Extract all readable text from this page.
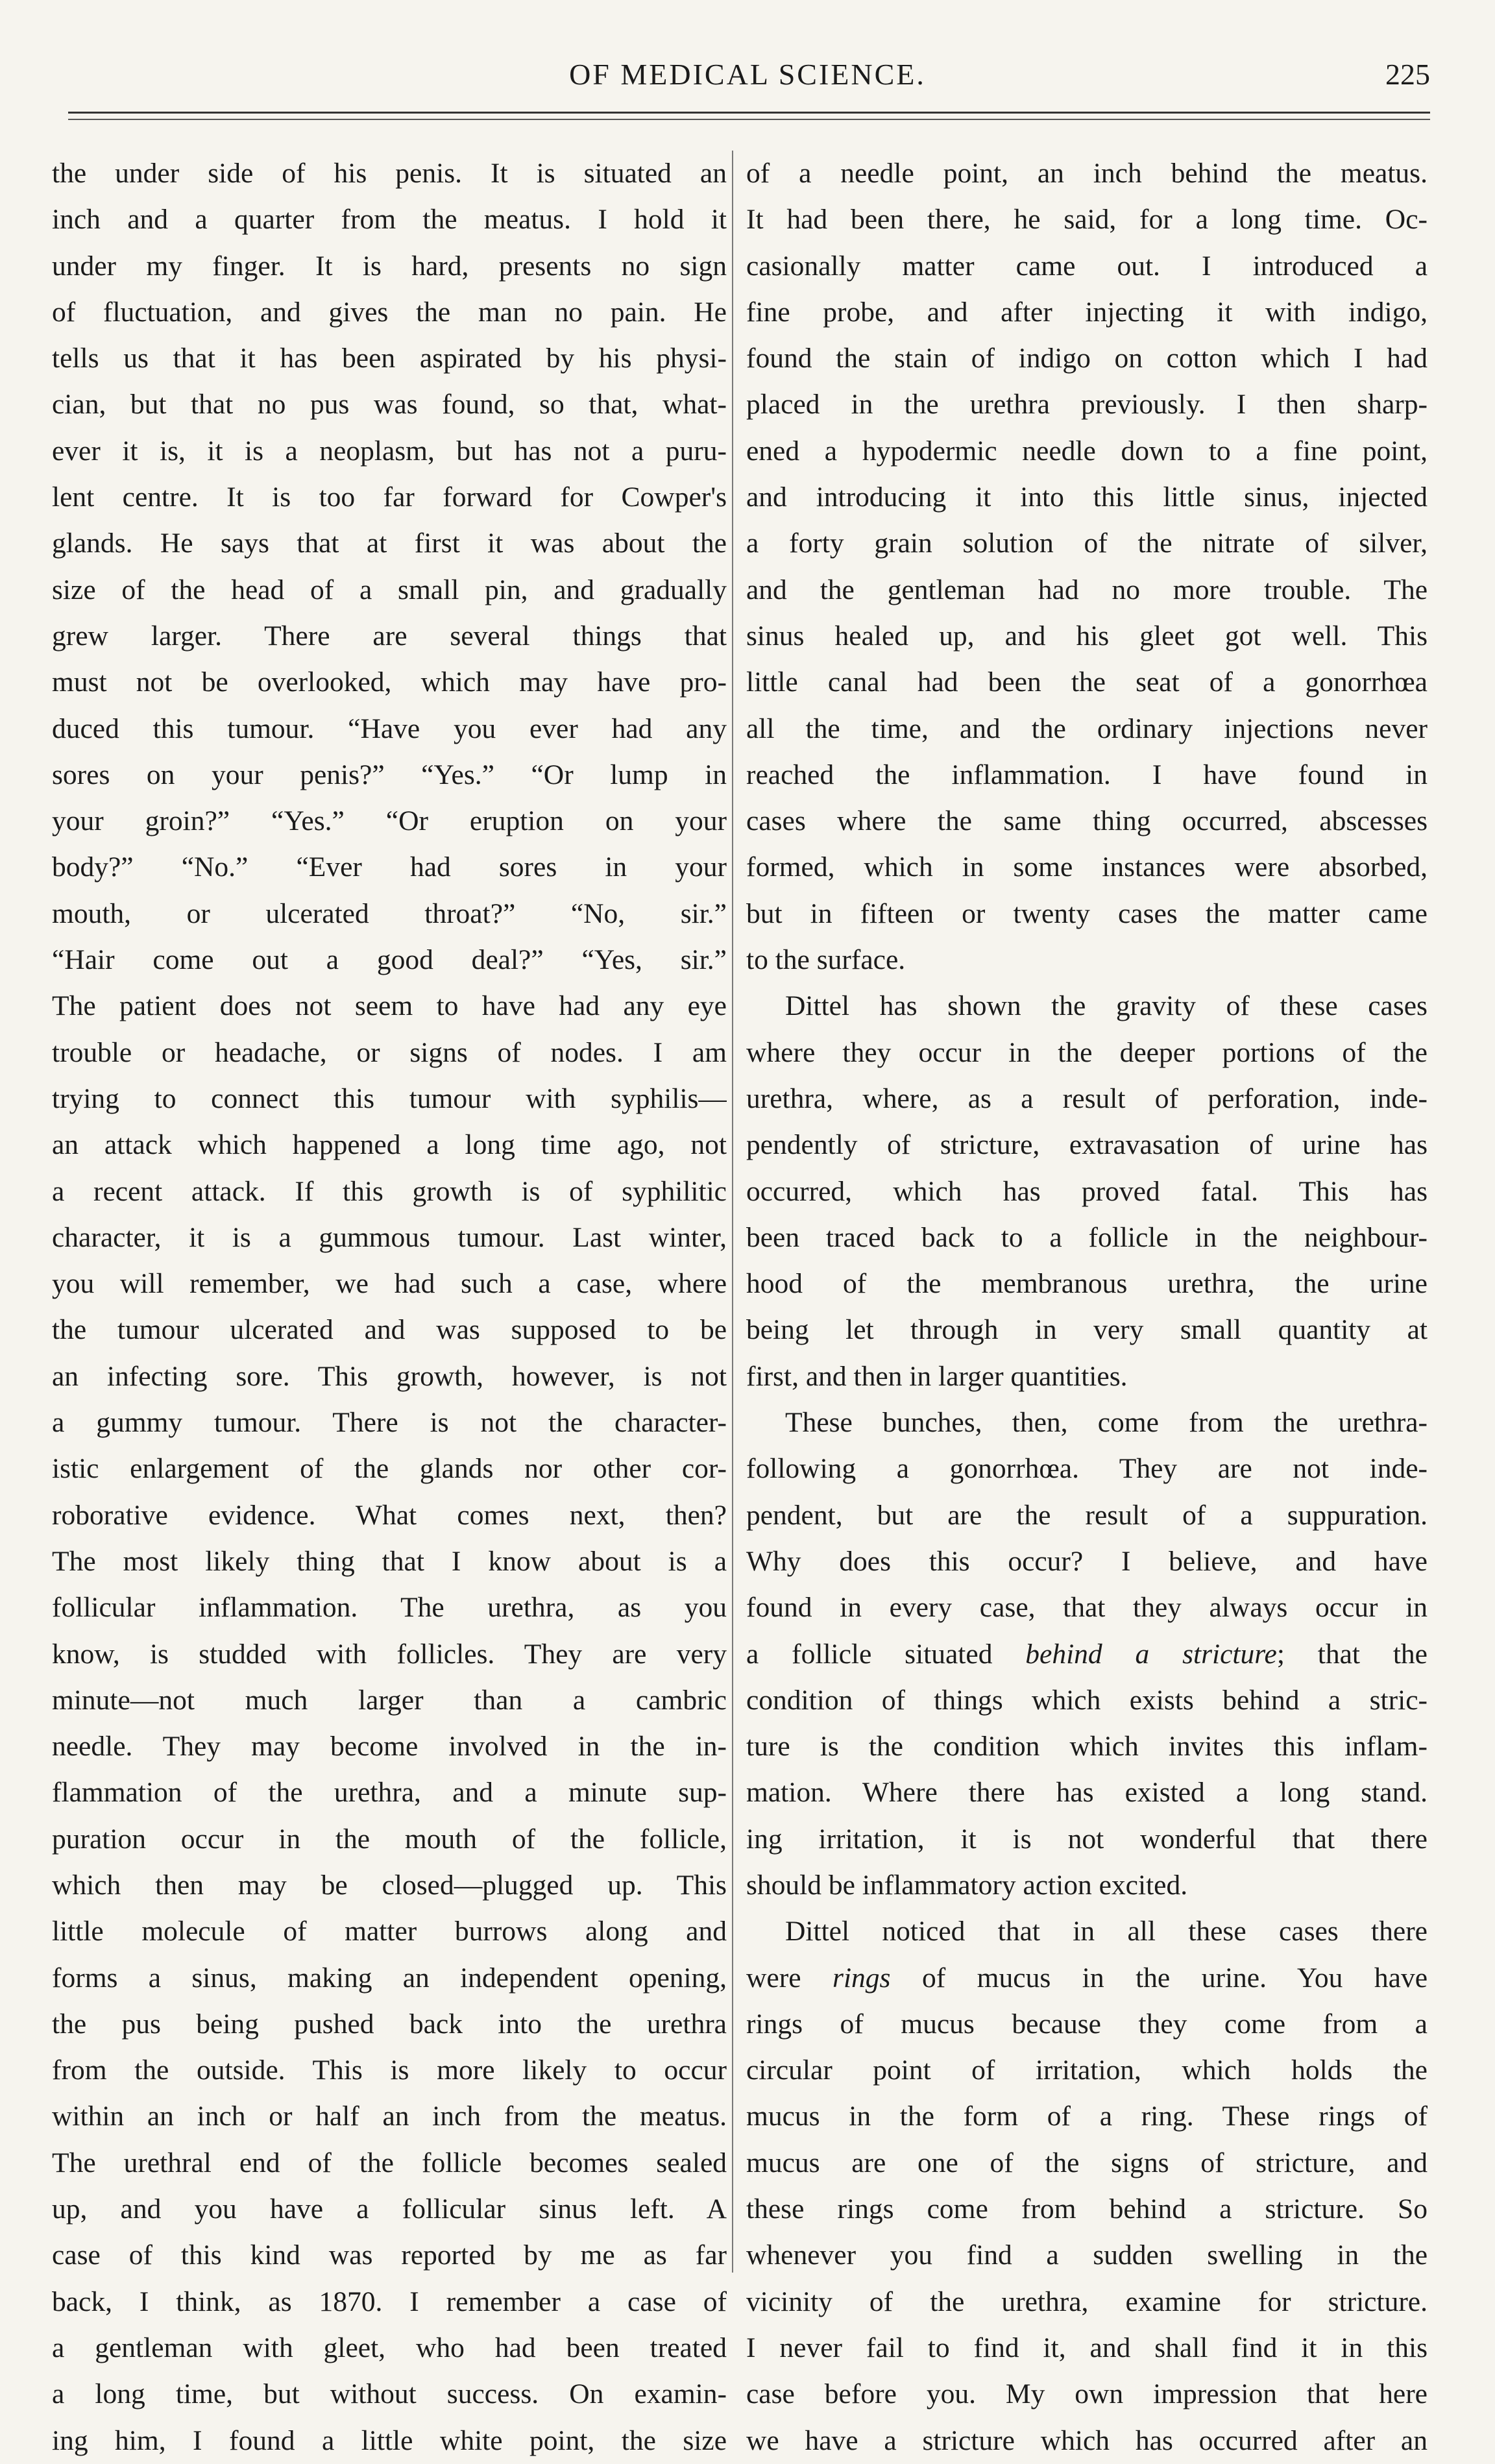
OF MEDICAL SCIENCE.	225
the under side of his penis. It is situated an
inch and a quarter from the meatus. I hold it
under my finger. It is hard, presents no sign
of fluctuation, and gives the man no pain. He
tells us that it has been aspirated by his physi-
cian, but that no pus was found, so that, what-
ever it is, it is a neoplasm, but has not a puru-
lent centre. It is too far forward for Cowper's
glands. He says that at first it was about the
size of the head of a small pin, and gradually
grew larger. There are several things that
must not be overlooked, which may have pro-
duced this tumour. “Have you ever had any
sores on your penis?” “Yes.” “Or lump in
your groin?” “Yes.” “Or eruption on your
body?” “No.” “Ever had sores in your
mouth, or ulcerated throat?” “No, sir.”
“Hair come out a good deal?” “Yes, sir.”
The patient does not seem to have had any eye
trouble or headache, or signs of nodes. I am
trying to connect this tumour with syphilis—
an attack which happened a long time ago, not
a recent attack. If this growth is of syphilitic
character, it is a gummous tumour. Last winter,
you will remember, we had such a case, where
the tumour ulcerated and was supposed to be
an infecting sore. This growth, however, is not
a gummy tumour. There is not the character-
istic enlargement of the glands nor other cor-
roborative evidence. What comes next, then?
The most likely thing that I know about is a
follicular inflammation. The urethra, as you
know, is studded with follicles. They are very
minute—not much larger than a cambric
needle. They may become involved in the in-
flammation of the urethra, and a minute sup-
puration occur in the mouth of the follicle,
which then may be closed—plugged up. This
little molecule of matter burrows along and
forms a sinus, making an independent opening,
the pus being pushed back into the urethra
from the outside. This is more likely to occur
within an inch or half an inch from the meatus.
The urethral end of the follicle becomes sealed
up, and you have a follicular sinus left. A
case of this kind was reported by me as far
back, I think, as 1870. I remember a case of
a gentleman with gleet, who had been treated
a long time, but without success. On examin-
ing him, I found a little white point, the size
of a needle point, an inch behind the meatus.
It had been there, he said, for a long time. Oc-
casionally matter came out. I introduced a
fine probe, and after injecting it with indigo,
found the stain of indigo on cotton which I had
placed in the urethra previously. I then sharp-
ened a hypodermic needle down to a fine point,
and introducing it into this little sinus, injected
a forty grain solution of the nitrate of silver,
and the gentleman had no more trouble. The
sinus healed up, and his gleet got well. This
little canal had been the seat of a gonorrhœa
all the time, and the ordinary injections never
reached the inflammation. I have found in
cases where the same thing occurred, abscesses
formed, which in some instances were absorbed,
but in fifteen or twenty cases the matter came
to the surface.
Dittel has shown the gravity of these cases
where they occur in the deeper portions of the
urethra, where, as a result of perforation, inde-
pendently of stricture, extravasation of urine has
occurred, which has proved fatal. This has
been traced back to a follicle in the neighbour-
hood of the membranous urethra, the urine
being let through in very small quantity at
first, and then in larger quantities.
These bunches, then, come from the urethra-
following a gonorrhœa. They are not inde-
pendent, but are the result of a suppuration.
Why does this occur? I believe, and have
found in every case, that they always occur in
a follicle situated behind a stricture; that the
condition of things which exists behind a stric-
ture is the condition which invites this inflam-
mation. Where there has existed a long stand.
ing irritation, it is not wonderful that there
should be inflammatory action excited.
Dittel noticed that in all these cases there
were rings of mucus in the urine. You have
rings of mucus because they come from a
circular point of irritation, which holds the
mucus in the form of a ring. These rings of
mucus are one of the signs of stricture, and
these rings come from behind a stricture. So
whenever you find a sudden swelling in the
vicinity of the urethra, examine for stricture.
I never fail to find it, and shall find it in this
case before you. My own impression that here
we have a stricture which has occurred after an
